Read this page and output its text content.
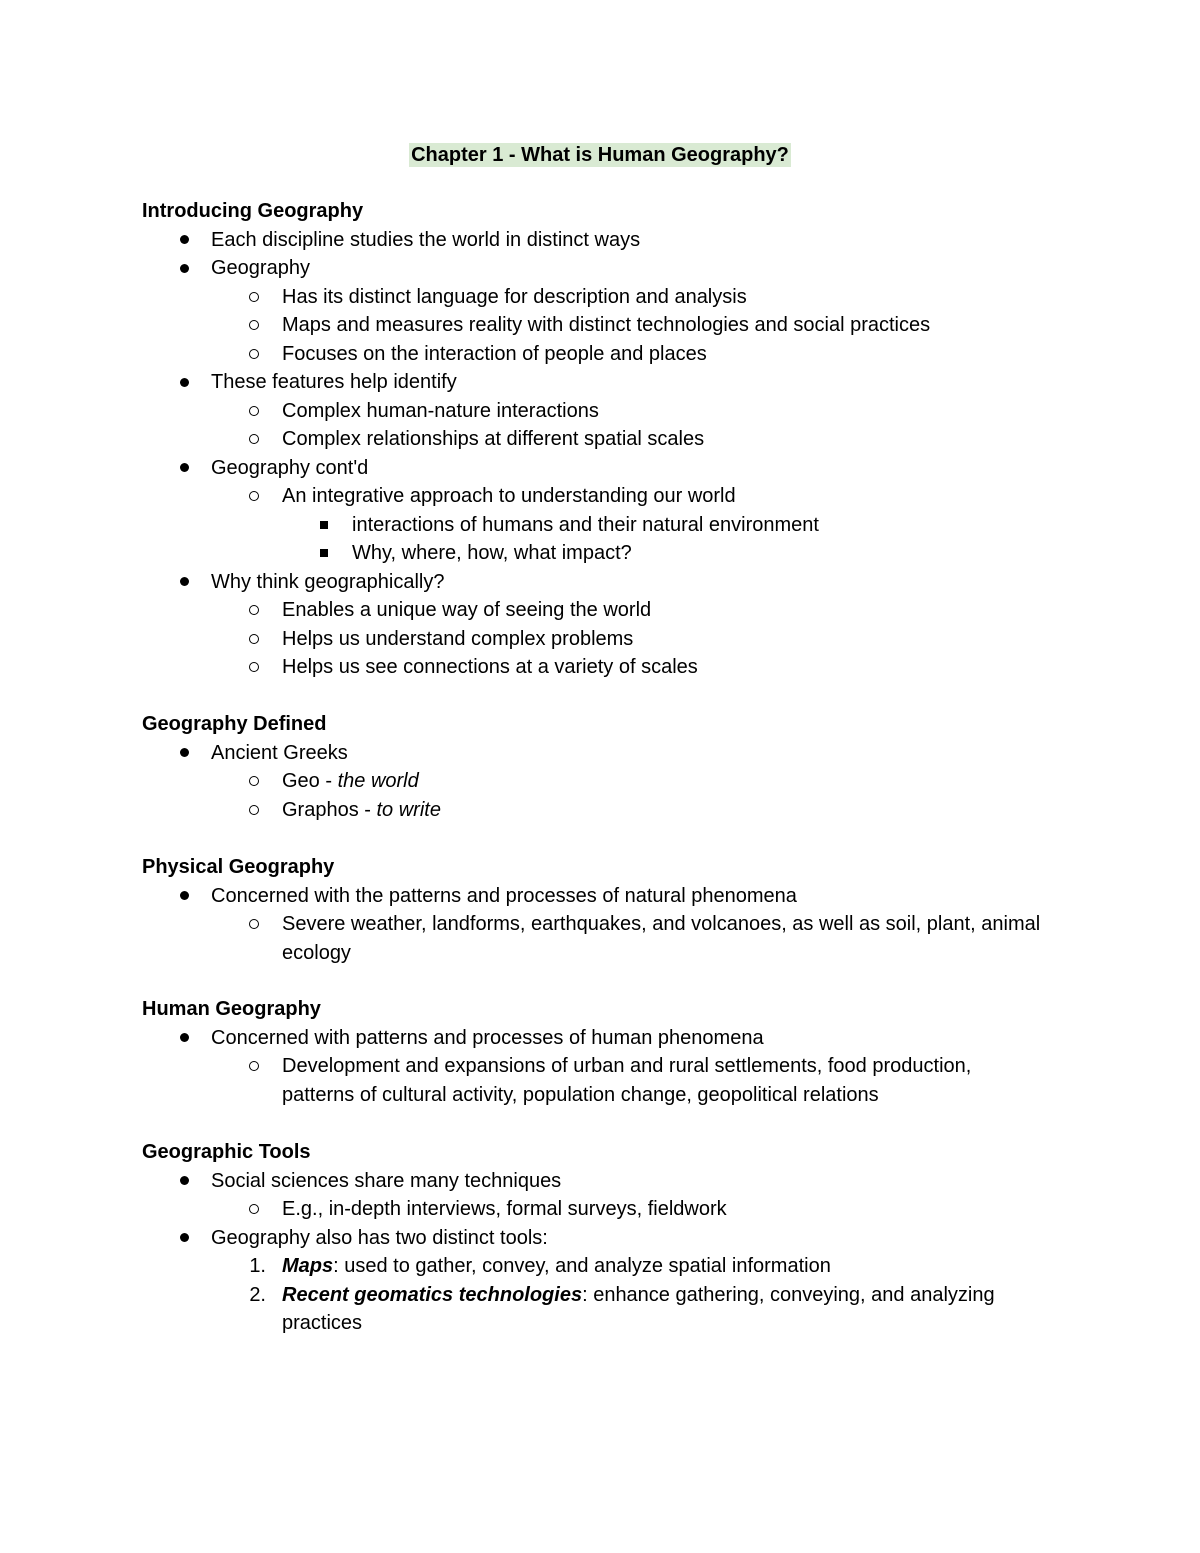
Chapter 1 - What is Human Geography?
Introducing Geography
Each discipline studies the world in distinct ways
Geography
Has its distinct language for description and analysis
Maps and measures reality with distinct technologies and social practices
Focuses on the interaction of people and places
These features help identify
Complex human-nature interactions
Complex relationships at different spatial scales
Geography cont'd
An integrative approach to understanding our world
interactions of humans and their natural environment
Why, where, how, what impact?
Why think geographically?
Enables a unique way of seeing the world
Helps us understand complex problems
Helps us see connections at a variety of scales
Geography Defined
Ancient Greeks
Geo - the world
Graphos - to write
Physical Geography
Concerned with the patterns and processes of natural phenomena
Severe weather, landforms, earthquakes, and volcanoes, as well as soil, plant, animal ecology
Human Geography
Concerned with patterns and processes of human phenomena
Development and expansions of urban and rural settlements, food production, patterns of cultural activity, population change, geopolitical relations
Geographic Tools
Social sciences share many techniques
E.g., in-depth interviews, formal surveys, fieldwork
Geography also has two distinct tools:
1. Maps: used to gather, convey, and analyze spatial information
2. Recent geomatics technologies: enhance gathering, conveying, and analyzing practices
